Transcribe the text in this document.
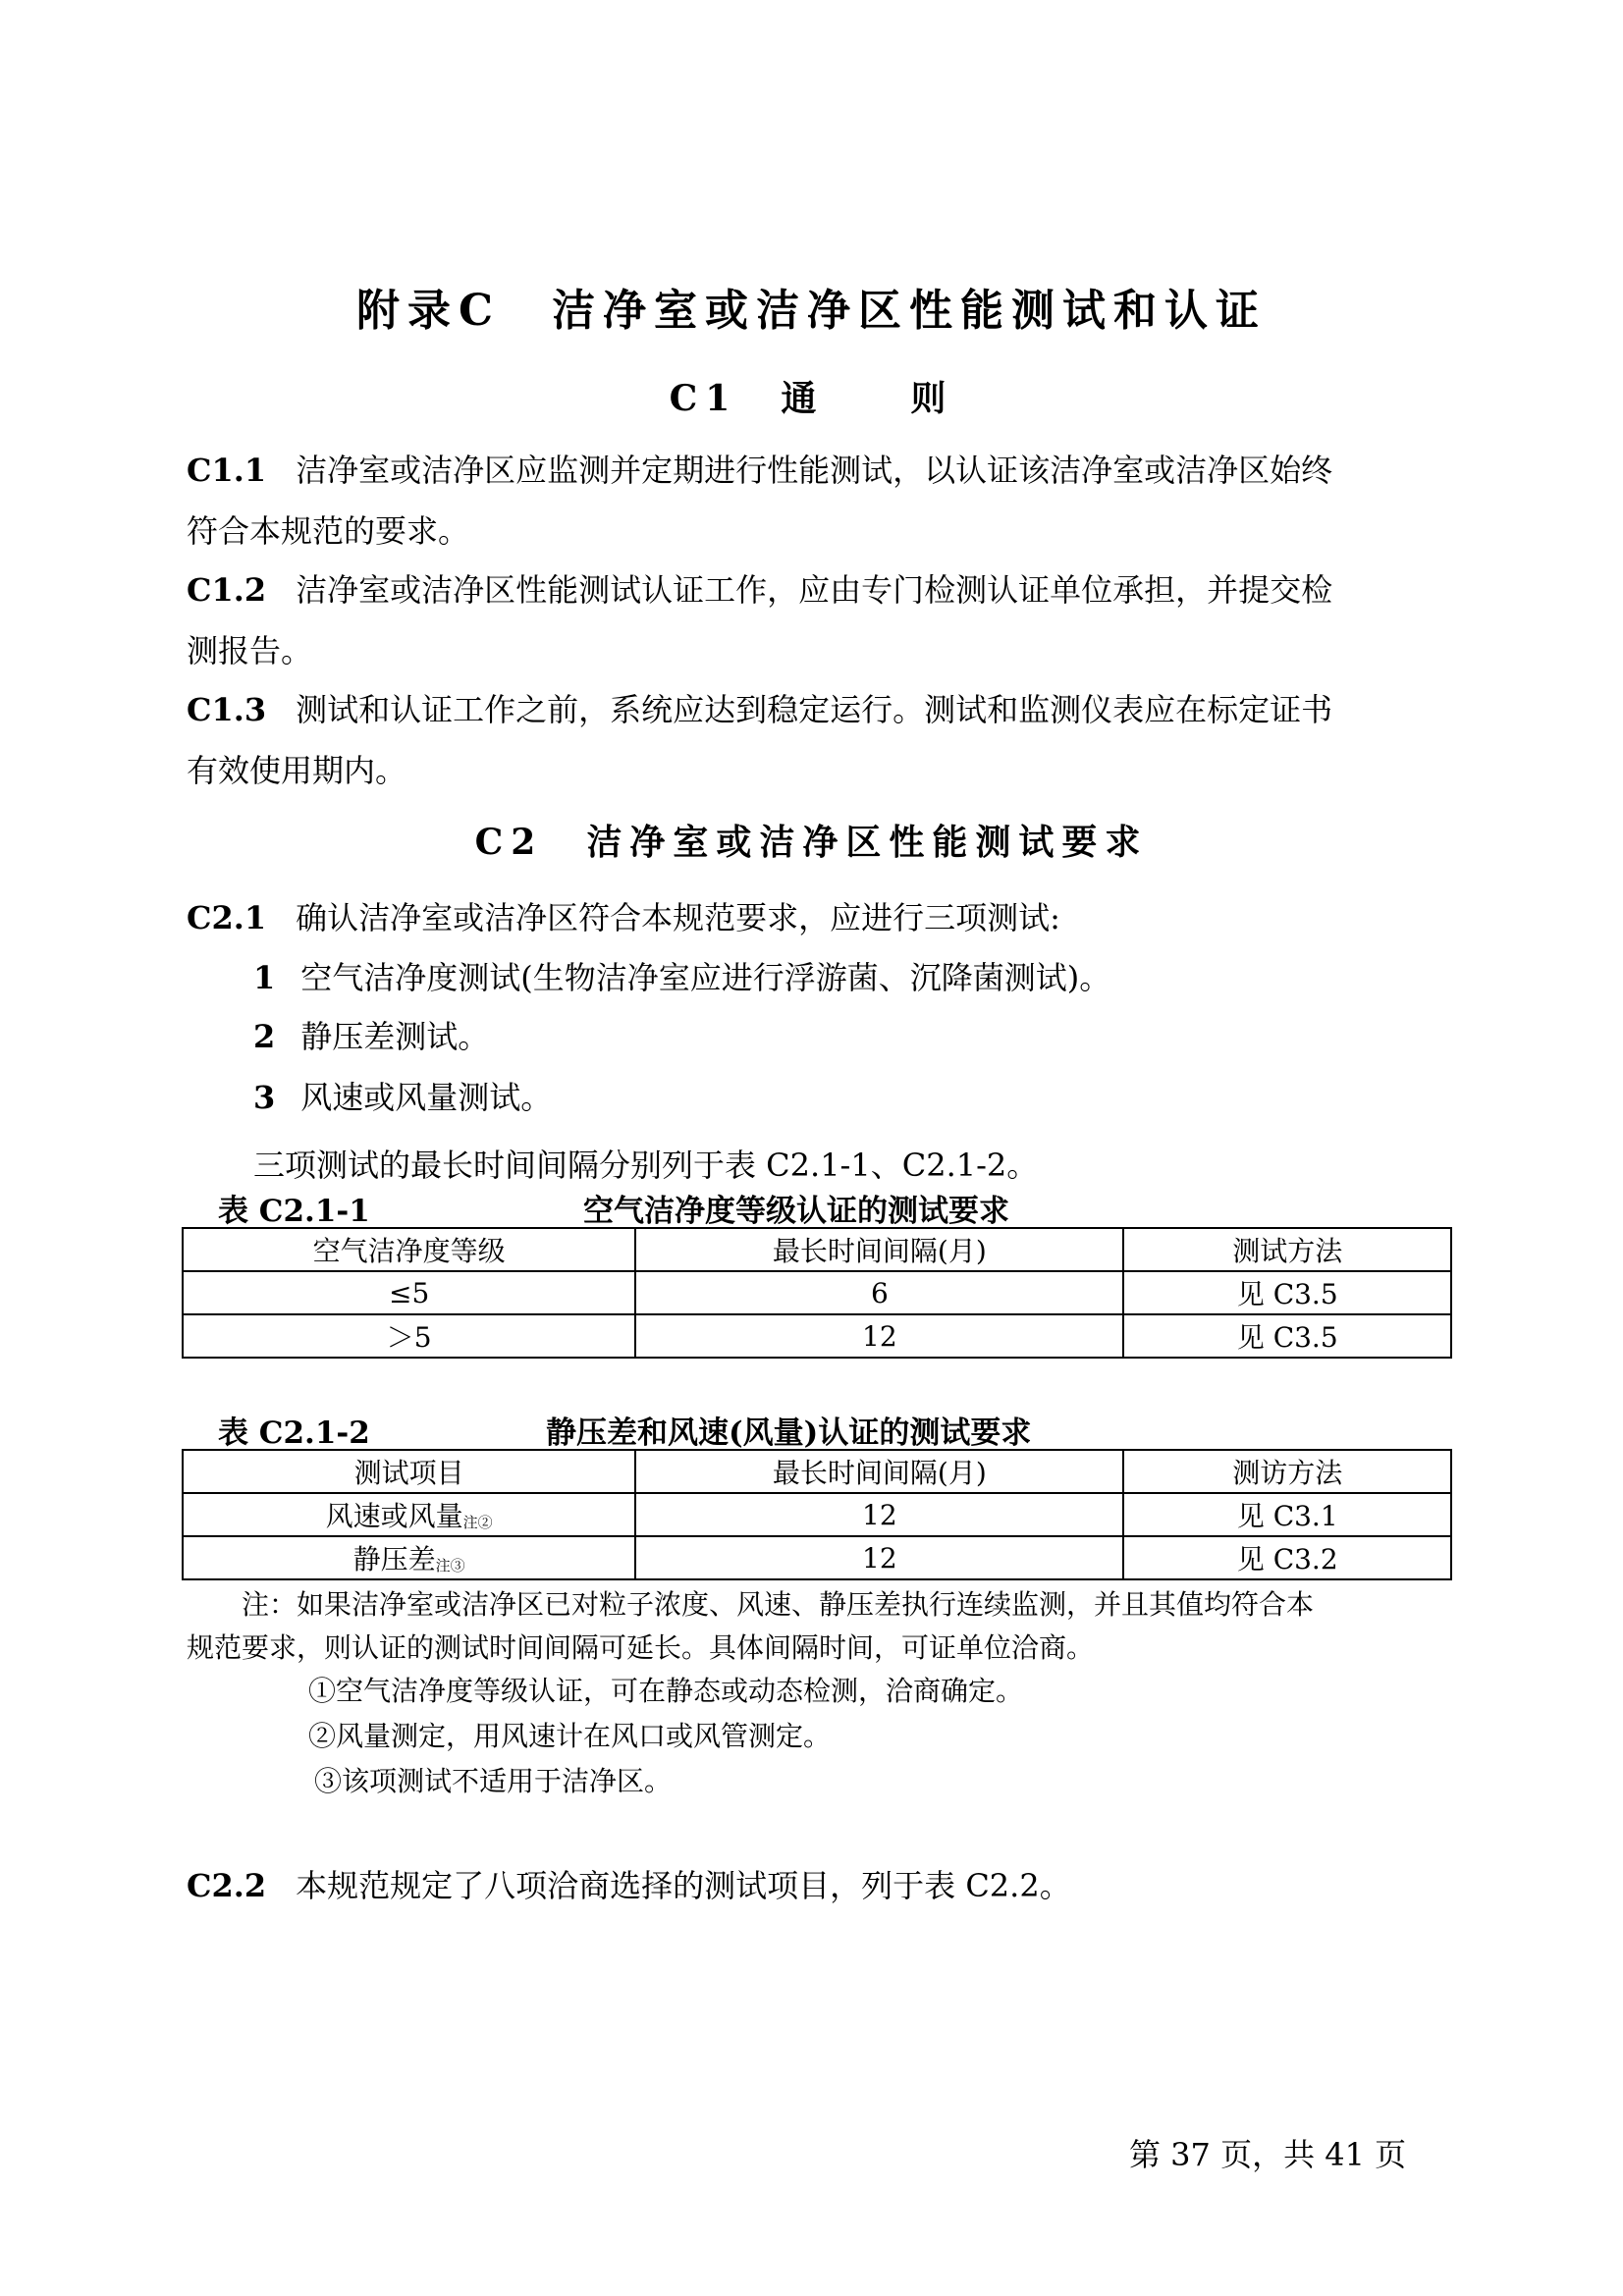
附录C　洁净室或洁净区性能测试和认证
C1　通　　则
C1.1 洁净室或洁净区应监测并定期进行性能测试，以认证该洁净室或洁净区始终
符合本规范的要求。
C1.2 洁净室或洁净区性能测试认证工作，应由专门检测认证单位承担，并提交检
测报告。
C1.3 测试和认证工作之前，系统应达到稳定运行。测试和监测仪表应在标定证书
有效使用期内。
C2　洁净室或洁净区性能测试要求
C2.1 确认洁净室或洁净区符合本规范要求，应进行三项测试:
1 空气洁净度测试(生物洁净室应进行浮游菌、沉降菌测试)。
2 静压差测试。
3 风速或风量测试。
三项测试的最长时间间隔分别列于表 C2.1-1、C2.1-2。
表 C2.1-1	空气洁净度等级认证的测试要求
空气洁净度等级	最长时间间隔(月)	测试方法
≤5	6	见 C3.5
＞5	12	见 C3.5
表 C2.1-2	静压差和风速(风量)认证的测试要求
测试项目	最长时间间隔(月)	测访方法
风速或风量$^{注②}$	12	见 C3.1
静压差$^{注③}$	12	见 C3.2
注：如果洁净室或洁净区已对粒子浓度、风速、静压差执行连续监测，并且其值均符合本
规范要求，则认证的测试时间间隔可延长。具体间隔时间，可证单位洽商。
①空气洁净度等级认证，可在静态或动态检测，洽商确定。
②风量测定，用风速计在风口或风管测定。
③该项测试不适用于洁净区。
C2.2 本规范规定了八项洽商选择的测试项目，列于表 C2.2。
第 37 页，共 41 页
